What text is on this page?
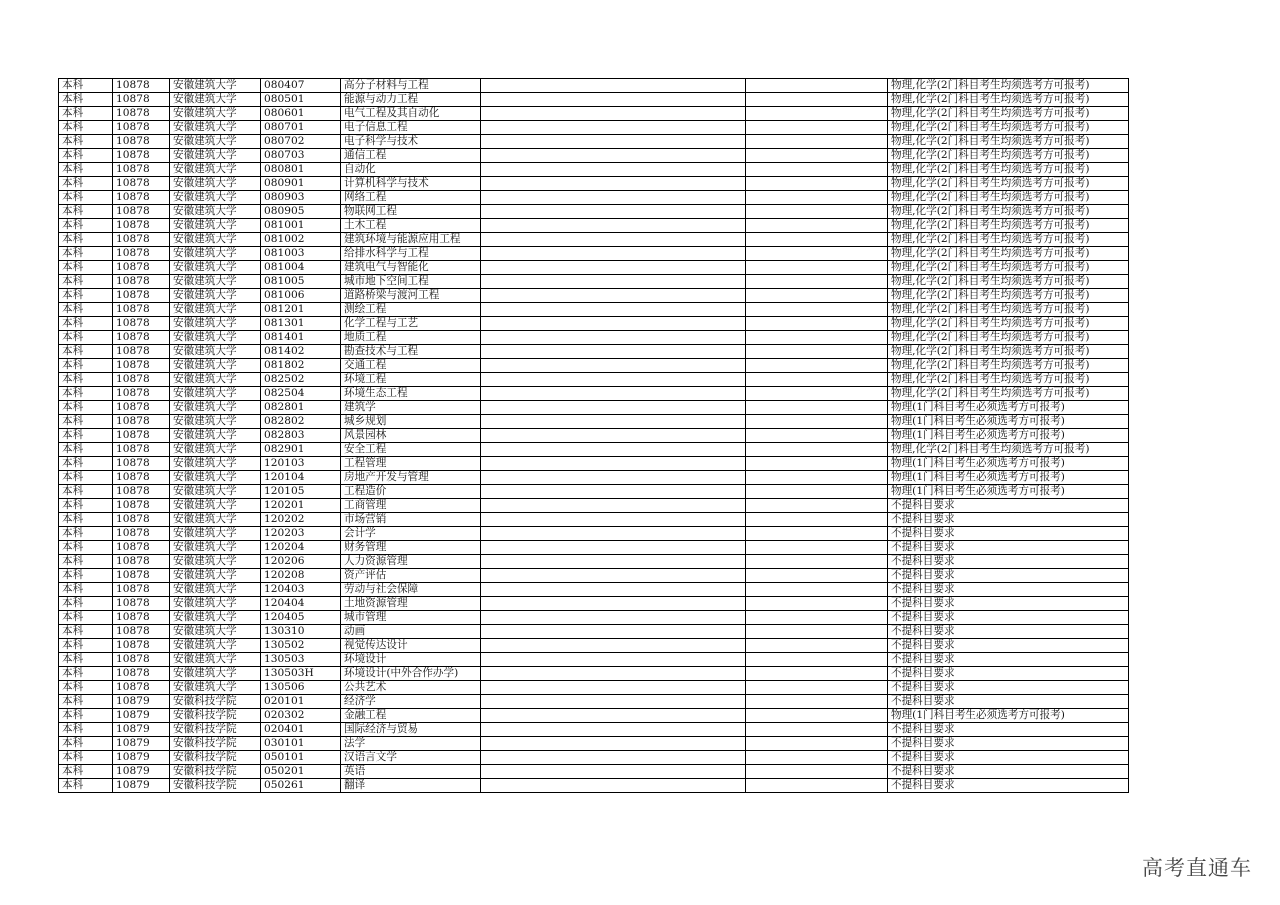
本科	10878	安徽建筑大学	080407	高分子材料与工程			物理,化学(2门科目考生均须选考方可报考)
本科	10878	安徽建筑大学	080501	能源与动力工程			物理,化学(2门科目考生均须选考方可报考)
本科	10878	安徽建筑大学	080601	电气工程及其自动化			物理,化学(2门科目考生均须选考方可报考)
本科	10878	安徽建筑大学	080701	电子信息工程			物理,化学(2门科目考生均须选考方可报考)
本科	10878	安徽建筑大学	080702	电子科学与技术			物理,化学(2门科目考生均须选考方可报考)
本科	10878	安徽建筑大学	080703	通信工程			物理,化学(2门科目考生均须选考方可报考)
本科	10878	安徽建筑大学	080801	自动化			物理,化学(2门科目考生均须选考方可报考)
本科	10878	安徽建筑大学	080901	计算机科学与技术			物理,化学(2门科目考生均须选考方可报考)
本科	10878	安徽建筑大学	080903	网络工程			物理,化学(2门科目考生均须选考方可报考)
本科	10878	安徽建筑大学	080905	物联网工程			物理,化学(2门科目考生均须选考方可报考)
本科	10878	安徽建筑大学	081001	土木工程			物理,化学(2门科目考生均须选考方可报考)
本科	10878	安徽建筑大学	081002	建筑环境与能源应用工程			物理,化学(2门科目考生均须选考方可报考)
本科	10878	安徽建筑大学	081003	给排水科学与工程			物理,化学(2门科目考生均须选考方可报考)
本科	10878	安徽建筑大学	081004	建筑电气与智能化			物理,化学(2门科目考生均须选考方可报考)
本科	10878	安徽建筑大学	081005	城市地下空间工程			物理,化学(2门科目考生均须选考方可报考)
本科	10878	安徽建筑大学	081006	道路桥梁与渡河工程			物理,化学(2门科目考生均须选考方可报考)
本科	10878	安徽建筑大学	081201	测绘工程			物理,化学(2门科目考生均须选考方可报考)
本科	10878	安徽建筑大学	081301	化学工程与工艺			物理,化学(2门科目考生均须选考方可报考)
本科	10878	安徽建筑大学	081401	地质工程			物理,化学(2门科目考生均须选考方可报考)
本科	10878	安徽建筑大学	081402	勘查技术与工程			物理,化学(2门科目考生均须选考方可报考)
本科	10878	安徽建筑大学	081802	交通工程			物理,化学(2门科目考生均须选考方可报考)
本科	10878	安徽建筑大学	082502	环境工程			物理,化学(2门科目考生均须选考方可报考)
本科	10878	安徽建筑大学	082504	环境生态工程			物理,化学(2门科目考生均须选考方可报考)
本科	10878	安徽建筑大学	082801	建筑学			物理(1门科目考生必须选考方可报考)
本科	10878	安徽建筑大学	082802	城乡规划			物理(1门科目考生必须选考方可报考)
本科	10878	安徽建筑大学	082803	风景园林			物理(1门科目考生必须选考方可报考)
本科	10878	安徽建筑大学	082901	安全工程			物理,化学(2门科目考生均须选考方可报考)
本科	10878	安徽建筑大学	120103	工程管理			物理(1门科目考生必须选考方可报考)
本科	10878	安徽建筑大学	120104	房地产开发与管理			物理(1门科目考生必须选考方可报考)
本科	10878	安徽建筑大学	120105	工程造价			物理(1门科目考生必须选考方可报考)
本科	10878	安徽建筑大学	120201	工商管理			不提科目要求
本科	10878	安徽建筑大学	120202	市场营销			不提科目要求
本科	10878	安徽建筑大学	120203	会计学			不提科目要求
本科	10878	安徽建筑大学	120204	财务管理			不提科目要求
本科	10878	安徽建筑大学	120206	人力资源管理			不提科目要求
本科	10878	安徽建筑大学	120208	资产评估			不提科目要求
本科	10878	安徽建筑大学	120403	劳动与社会保障			不提科目要求
本科	10878	安徽建筑大学	120404	土地资源管理			不提科目要求
本科	10878	安徽建筑大学	120405	城市管理			不提科目要求
本科	10878	安徽建筑大学	130310	动画			不提科目要求
本科	10878	安徽建筑大学	130502	视觉传达设计			不提科目要求
本科	10878	安徽建筑大学	130503	环境设计			不提科目要求
本科	10878	安徽建筑大学	130503H	环境设计(中外合作办学)			不提科目要求
本科	10878	安徽建筑大学	130506	公共艺术			不提科目要求
本科	10879	安徽科技学院	020101	经济学			不提科目要求
本科	10879	安徽科技学院	020302	金融工程			物理(1门科目考生必须选考方可报考)
本科	10879	安徽科技学院	020401	国际经济与贸易			不提科目要求
本科	10879	安徽科技学院	030101	法学			不提科目要求
本科	10879	安徽科技学院	050101	汉语言文学			不提科目要求
本科	10879	安徽科技学院	050201	英语			不提科目要求
本科	10879	安徽科技学院	050261	翻译			不提科目要求
高考直通车
